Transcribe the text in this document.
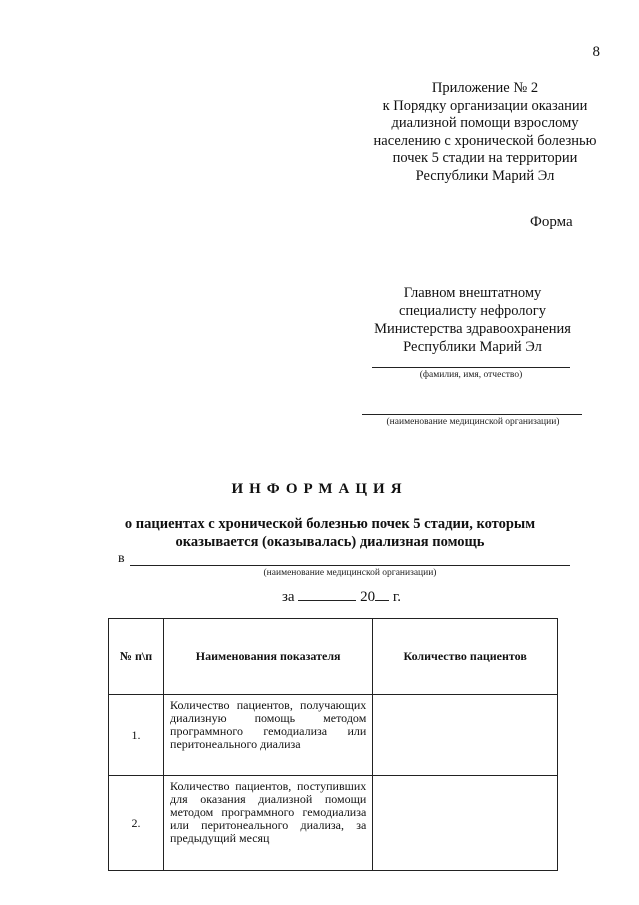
8
Приложение № 2
к Порядку организации оказании
диализной помощи взрослому
населению с хронической болезнью
почек 5 стадии на территории
Республики Марий Эл
Форма
Главном внештатному
специалисту нефрологу
Министерства здравоохранения
Республики Марий Эл
(фамилия, имя, отчество)
(наименование медицинской организации)
ИНФОРМАЦИЯ
о пациентах с хронической болезнью почек 5 стадии, которым
оказывается (оказывалась) диализная помощь
в
(наименование медицинской организации)
за	20 г.
№ п\п	Наименования показателя	Количество пациентов
1.	Количество пациентов, получающих диализную помощь методом программного гемодиализа или перитонеального диализа	
2.	Количество пациентов, поступивших для оказания диализной помощи методом программного гемодиализа или перитонеального диализа, за предыдущий месяц	
